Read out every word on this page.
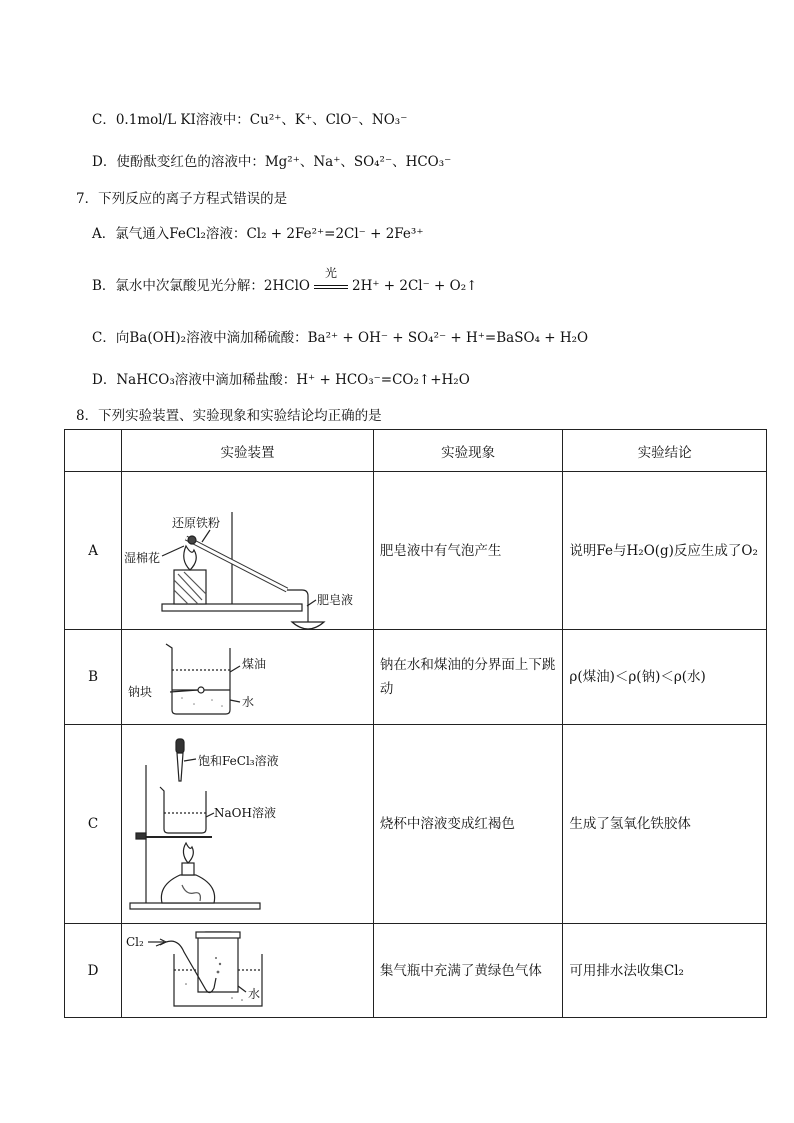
C．0.1mol/L KI溶液中：Cu²⁺、K⁺、ClO⁻、NO₃⁻
D．使酚酞变红色的溶液中：Mg²⁺、Na⁺、SO₄²⁻、HCO₃⁻
7．下列反应的离子方程式错误的是
A．氯气通入FeCl₂溶液：Cl₂ + 2Fe²⁺=2Cl⁻ + 2Fe³⁺
B．氯水中次氯酸见光分解：2HClO
光
2H⁺ + 2Cl⁻ + O₂↑
C．向Ba(OH)₂溶液中滴加稀硫酸：Ba²⁺ + OH⁻ + SO₄²⁻ + H⁺=BaSO₄ + H₂O
D．NaHCO₃溶液中滴加稀盐酸：H⁺ + HCO₃⁻=CO₂↑+H₂O
8．下列实验装置、实验现象和实验结论均正确的是
	实验装置	实验现象	实验结论
A	还原铁粉
湿棉花
肥皂液	肥皂液中有气泡产生	说明Fe与H₂O(g)反应生成了O₂
B	煤油
钠块
水	钠在水和煤油的分界面上下跳动	ρ(煤油)＜ρ(钠)＜ρ(水)
C	饱和FeCl₃溶液
NaOH溶液	烧杯中溶液变成红褐色	生成了氢氧化铁胶体
D	Cl₂
水	集气瓶中充满了黄绿色气体	可用排水法收集Cl₂
